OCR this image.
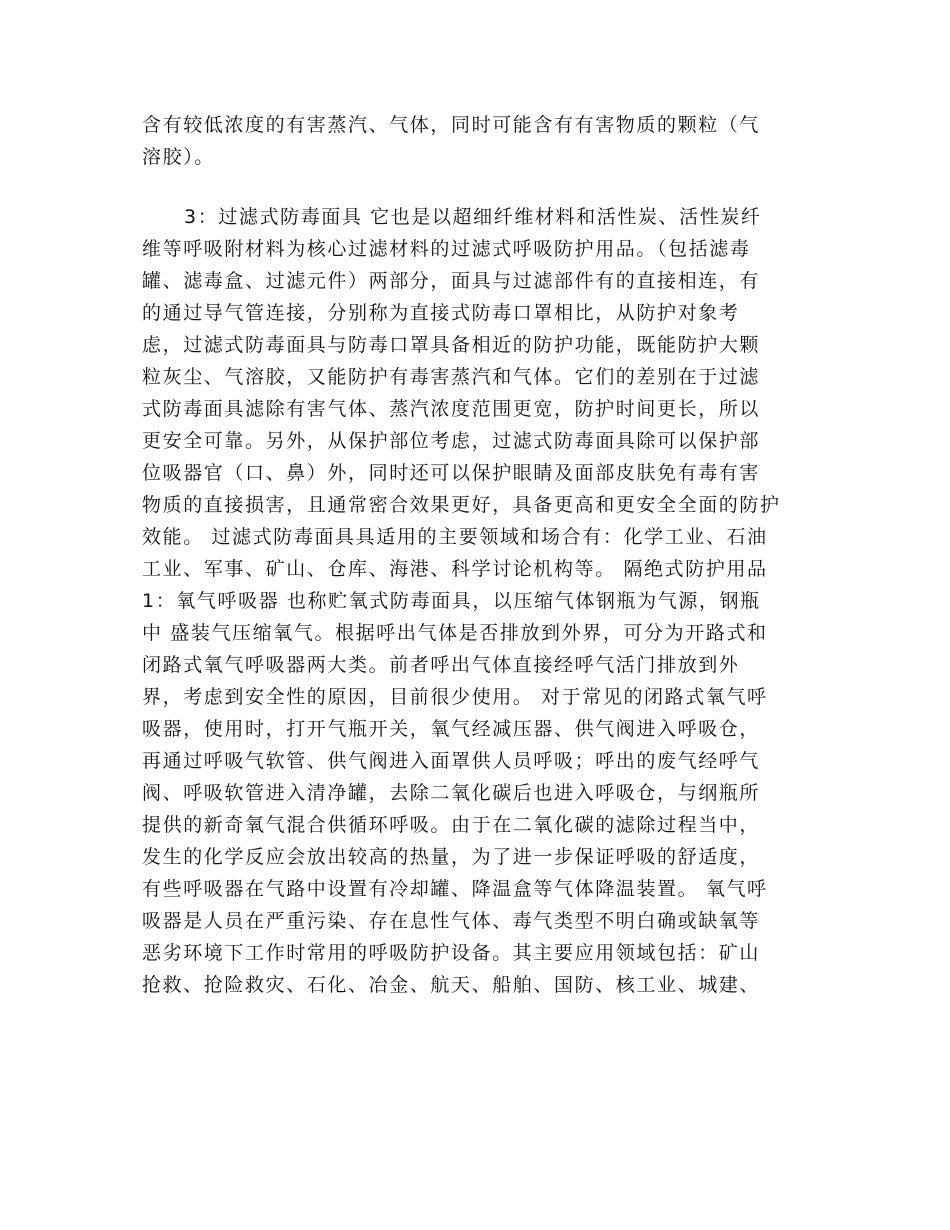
含有较低浓度的有害蒸汽、气体，同时可能含有有害物质的颗粒（气
溶胶）。
3：过滤式防毒面具 它也是以超细纤维材料和活性炭、活性炭纤
维等呼吸附材料为核心过滤材料的过滤式呼吸防护用品。（包括滤毒
罐、滤毒盒、过滤元件）两部分，面具与过滤部件有的直接相连，有
的通过导气管连接，分别称为直接式防毒口罩相比，从防护对象考
虑，过滤式防毒面具与防毒口罩具备相近的防护功能，既能防护大颗
粒灰尘、气溶胶，又能防护有毒害蒸汽和气体。它们的差别在于过滤
式防毒面具滤除有害气体、蒸汽浓度范围更宽，防护时间更长，所以
更安全可靠。另外，从保护部位考虑，过滤式防毒面具除可以保护部
位吸器官（口、鼻）外，同时还可以保护眼睛及面部皮肤免有毒有害
物质的直接损害，且通常密合效果更好，具备更高和更安全全面的防护
效能。 过滤式防毒面具具适用的主要领域和场合有：化学工业、石油
工业、军事、矿山、仓库、海港、科学讨论机构等。 隔绝式防护用品
1：氧气呼吸器 也称贮氧式防毒面具，以压缩气体钢瓶为气源，钢瓶
中 盛装气压缩氧气。根据呼出气体是否排放到外界，可分为开路式和
闭路式氧气呼吸器两大类。前者呼出气体直接经呼气活门排放到外
界，考虑到安全性的原因，目前很少使用。 对于常见的闭路式氧气呼
吸器，使用时，打开气瓶开关，氧气经减压器、供气阀进入呼吸仓，
再通过呼吸气软管、供气阀进入面罩供人员呼吸；呼出的废气经呼气
阀、呼吸软管进入清净罐，去除二氧化碳后也进入呼吸仓，与纲瓶所
提供的新奇氧气混合供循环呼吸。由于在二氧化碳的滤除过程当中，
发生的化学反应会放出较高的热量，为了进一步保证呼吸的舒适度，
有些呼吸器在气路中设置有冷却罐、降温盒等气体降温装置。 氧气呼
吸器是人员在严重污染、存在息性气体、毒气类型不明白确或缺氧等
恶劣环境下工作时常用的呼吸防护设备。其主要应用领域包括：矿山
抢救、抢险救灾、石化、冶金、航天、船舶、国防、核工业、城建、
